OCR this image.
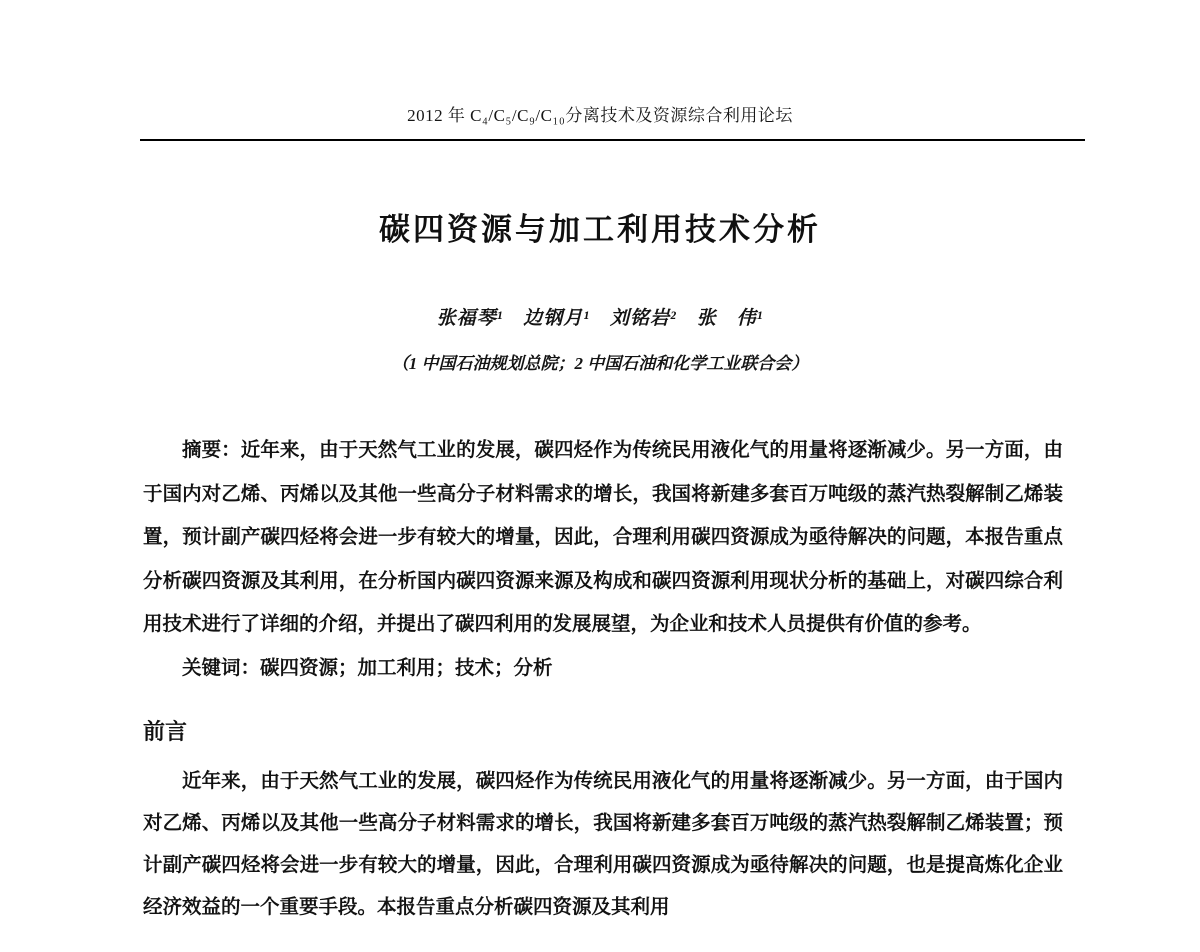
2012 年 C₄/C₅/C₉/C₁₀分离技术及资源综合利用论坛
碳四资源与加工利用技术分析
张福琴¹　边钢月¹　刘铭岩²　张　伟¹
（1 中国石油规划总院；2 中国石油和化学工业联合会）

摘要：近年来，由于天然气工业的发展，碳四烃作为传统民用液化气的用量将逐渐减少。另一方面，由于国内对乙烯、丙烯以及其他一些高分子材料需求的增长，我国将新建多套百万吨级的蒸汽热裂解制乙烯装置，预计副产碳四烃将会进一步有较大的增量，因此，合理利用碳四资源成为亟待解决的问题，本报告重点分析碳四资源及其利用，在分析国内碳四资源来源及构成和碳四资源利用现状分析的基础上，对碳四综合利用技术进行了详细的介绍，并提出了碳四利用的发展展望，为企业和技术人员提供有价值的参考。

关键词：碳四资源；加工利用；技术；分析

前言

近年来，由于天然气工业的发展，碳四烃作为传统民用液化气的用量将逐渐减少。另一方面，由于国内对乙烯、丙烯以及其他一些高分子材料需求的增长，我国将新建多套百万吨级的蒸汽热裂解制乙烯装置；预计副产碳四烃将会进一步有较大的增量，因此，合理利用碳四资源成为亟待解决的问题，也是提高炼化企业经济效益的一个重要手段。本报告重点分析碳四资源及其利用
